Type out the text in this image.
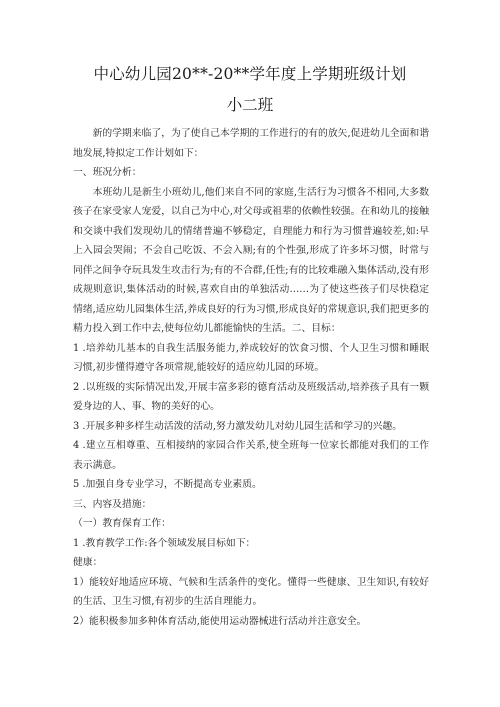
中心幼儿园20**-20**学年度上学期班级计划
小二班

新的学期来临了，为了使自己本学期的工作进行的有的放矢,促进幼儿全面和谐地发展,特拟定工作计划如下：

一、班况分析：

本班幼儿是新生小班幼儿,他们来自不同的家庭,生活行为习惯各不相同,大多数孩子在家受家人宠爱，以自己为中心,对父母或祖辈的依赖性较强。在和幼儿的接触和交谈中我们发现幼儿的情绪普遍不够稳定，自理能力和行为习惯普遍较差,如:早上入园会哭闹；不会自己吃饭、不会入厕;有的个性强,形成了许多坏习惯，时常与同伴之间争夺玩具发生攻击行为;有的不合群,任性;有的比较难融入集体活动,没有形成规则意识,集体活动的时候,喜欢自由的单独活动……为了使这些孩子们尽快稳定情绪,适应幼儿园集体生活,养成良好的行为习惯,形成良好的常规意识,我们把更多的精力投入到工作中去,使每位幼儿都能愉快的生活。二、目标：

1 .培养幼儿基本的自我生活服务能力,养成较好的饮食习惯、个人卫生习惯和睡眠习惯,初步懂得遵守各项常规,能较好的适应幼儿园的环境。

2 .以班级的实际情况出发,开展丰富多彩的德育活动及班级活动,培养孩子具有一颗爱身边的人、事、物的美好的心。

3 .开展多种多样生动活泼的活动,努力激发幼儿对幼儿园生活和学习的兴趣。

4 .建立互相尊重、互相接纳的家园合作关系,使全班每一位家长都能对我们的工作表示满意。

5 .加强自身专业学习，不断提高专业素质。

三、内容及措施：

（一）教育保育工作：

1 .教育教学工作:各个领域发展目标如下：

健康：

1）能较好地适应环境、气候和生活条件的变化。懂得一些健康、卫生知识,有较好的生活、卫生习惯,有初步的生活自理能力。

2）能积极参加多种体育活动,能使用运动器械进行活动并注意安全。
